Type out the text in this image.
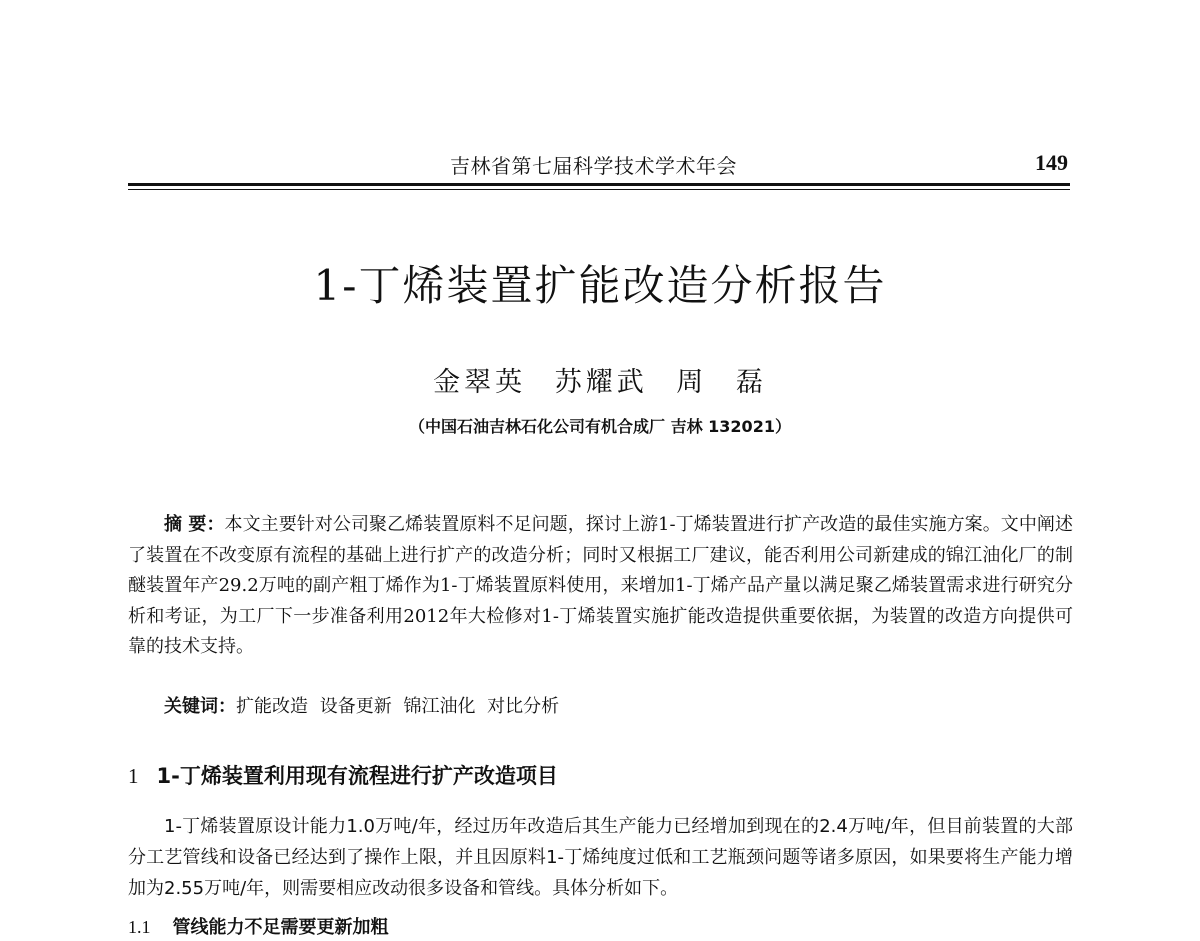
吉林省第七届科学技术学术年会	149
1-丁烯装置扩能改造分析报告
金翠英 苏耀武 周 磊
（中国石油吉林石化公司有机合成厂 吉林 132021）
摘 要：本文主要针对公司聚乙烯装置原料不足问题，探讨上游1-丁烯装置进行扩产改造的最佳实施方案。文中阐述了装置在不改变原有流程的基础上进行扩产的改造分析；同时又根据工厂建议，能否利用公司新建成的锦江油化厂的制醚装置年产29.2万吨的副产粗丁烯作为1-丁烯装置原料使用，来增加1-丁烯产品产量以满足聚乙烯装置需求进行研究分析和考证，为工厂下一步准备利用2012年大检修对1-丁烯装置实施扩能改造提供重要依据，为装置的改造方向提供可靠的技术支持。
关键词：扩能改造 设备更新 锦江油化 对比分析
1 1-丁烯装置利用现有流程进行扩产改造项目
1-丁烯装置原设计能力1.0万吨/年，经过历年改造后其生产能力已经增加到现在的2.4万吨/年，但目前装置的大部分工艺管线和设备已经达到了操作上限，并且因原料1-丁烯纯度过低和工艺瓶颈问题等诸多原因，如果要将生产能力增加为2.55万吨/年，则需要相应改动很多设备和管线。具体分析如下。
1.1 管线能力不足需要更新加粗
